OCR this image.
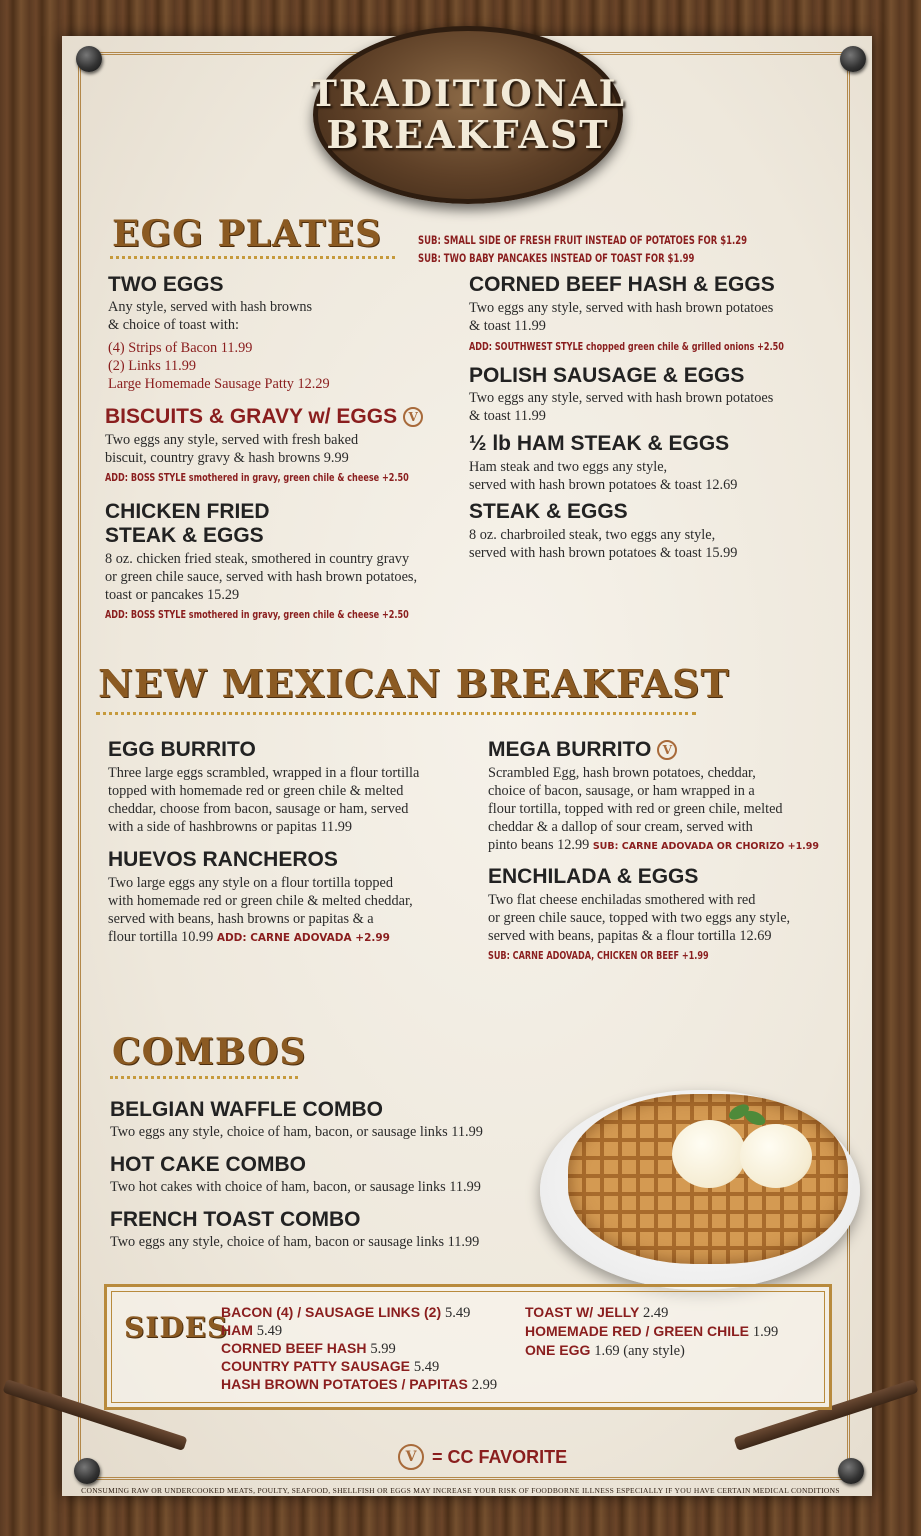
TRADITIONAL
BREAKFAST
EGG PLATES	SUB: SMALL SIDE OF FRESH FRUIT INSTEAD OF POTATOES FOR $1.29
SUB: TWO BABY PANCAKES INSTEAD OF TOAST FOR $1.99
TWO EGGS
Any style, served with hash browns
& choice of toast with:
(4) Strips of Bacon 11.99
(2) Links 11.99
Large Homemade Sausage Patty 12.29
BISCUITS & GRAVY w/ EGGS V
Two eggs any style, served with fresh baked
biscuit, country gravy & hash browns 9.99
ADD: BOSS STYLE smothered in gravy, green chile & cheese +2.50
CHICKEN FRIED
STEAK & EGGS
8 oz. chicken fried steak, smothered in country gravy
or green chile sauce, served with hash brown potatoes,
toast or pancakes 15.29
ADD: BOSS STYLE smothered in gravy, green chile & cheese +2.50
CORNED BEEF HASH & EGGS
Two eggs any style, served with hash brown potatoes
& toast 11.99
ADD: SOUTHWEST STYLE chopped green chile & grilled onions +2.50
POLISH SAUSAGE & EGGS
Two eggs any style, served with hash brown potatoes
& toast 11.99
½ lb HAM STEAK & EGGS
Ham steak and two eggs any style,
served with hash brown potatoes & toast 12.69
STEAK & EGGS
8 oz. charbroiled steak, two eggs any style,
served with hash brown potatoes & toast 15.99
NEW MEXICAN BREAKFAST
EGG BURRITO
Three large eggs scrambled, wrapped in a flour tortilla
topped with homemade red or green chile & melted
cheddar, choose from bacon, sausage or ham, served
with a side of hashbrowns or papitas 11.99
HUEVOS RANCHEROS
Two large eggs any style on a flour tortilla topped
with homemade red or green chile & melted cheddar,
served with beans, hash browns or papitas & a
flour tortilla 10.99 ADD: CARNE ADOVADA +2.99
MEGA BURRITO V
Scrambled Egg, hash brown potatoes, cheddar,
choice of bacon, sausage, or ham wrapped in a
flour tortilla, topped with red or green chile, melted
cheddar & a dallop of sour cream, served with
pinto beans 12.99 SUB: CARNE ADOVADA OR CHORIZO +1.99
ENCHILADA & EGGS
Two flat cheese enchiladas smothered with red
or green chile sauce, topped with two eggs any style,
served with beans, papitas & a flour tortilla 12.69
SUB: CARNE ADOVADA, CHICKEN OR BEEF +1.99
COMBOS
BELGIAN WAFFLE COMBO
Two eggs any style, choice of ham, bacon, or sausage links 11.99
HOT CAKE COMBO
Two hot cakes with choice of ham, bacon, or sausage links 11.99
FRENCH TOAST COMBO
Two eggs any style, choice of ham, bacon or sausage links 11.99
SIDES
BACON (4) / SAUSAGE LINKS (2) 5.49
HAM 5.49
CORNED BEEF HASH 5.99
COUNTRY PATTY SAUSAGE 5.49
HASH BROWN POTATOES / PAPITAS 2.99
TOAST W/ JELLY 2.49
HOMEMADE RED / GREEN CHILE 1.99
ONE EGG 1.69 (any style)
V = CC FAVORITE
CONSUMING RAW OR UNDERCOOKED MEATS, POULTY, SEAFOOD, SHELLFISH OR EGGS MAY INCREASE YOUR RISK OF FOODBORNE ILLNESS ESPECIALLY IF YOU HAVE CERTAIN MEDICAL CONDITIONS
